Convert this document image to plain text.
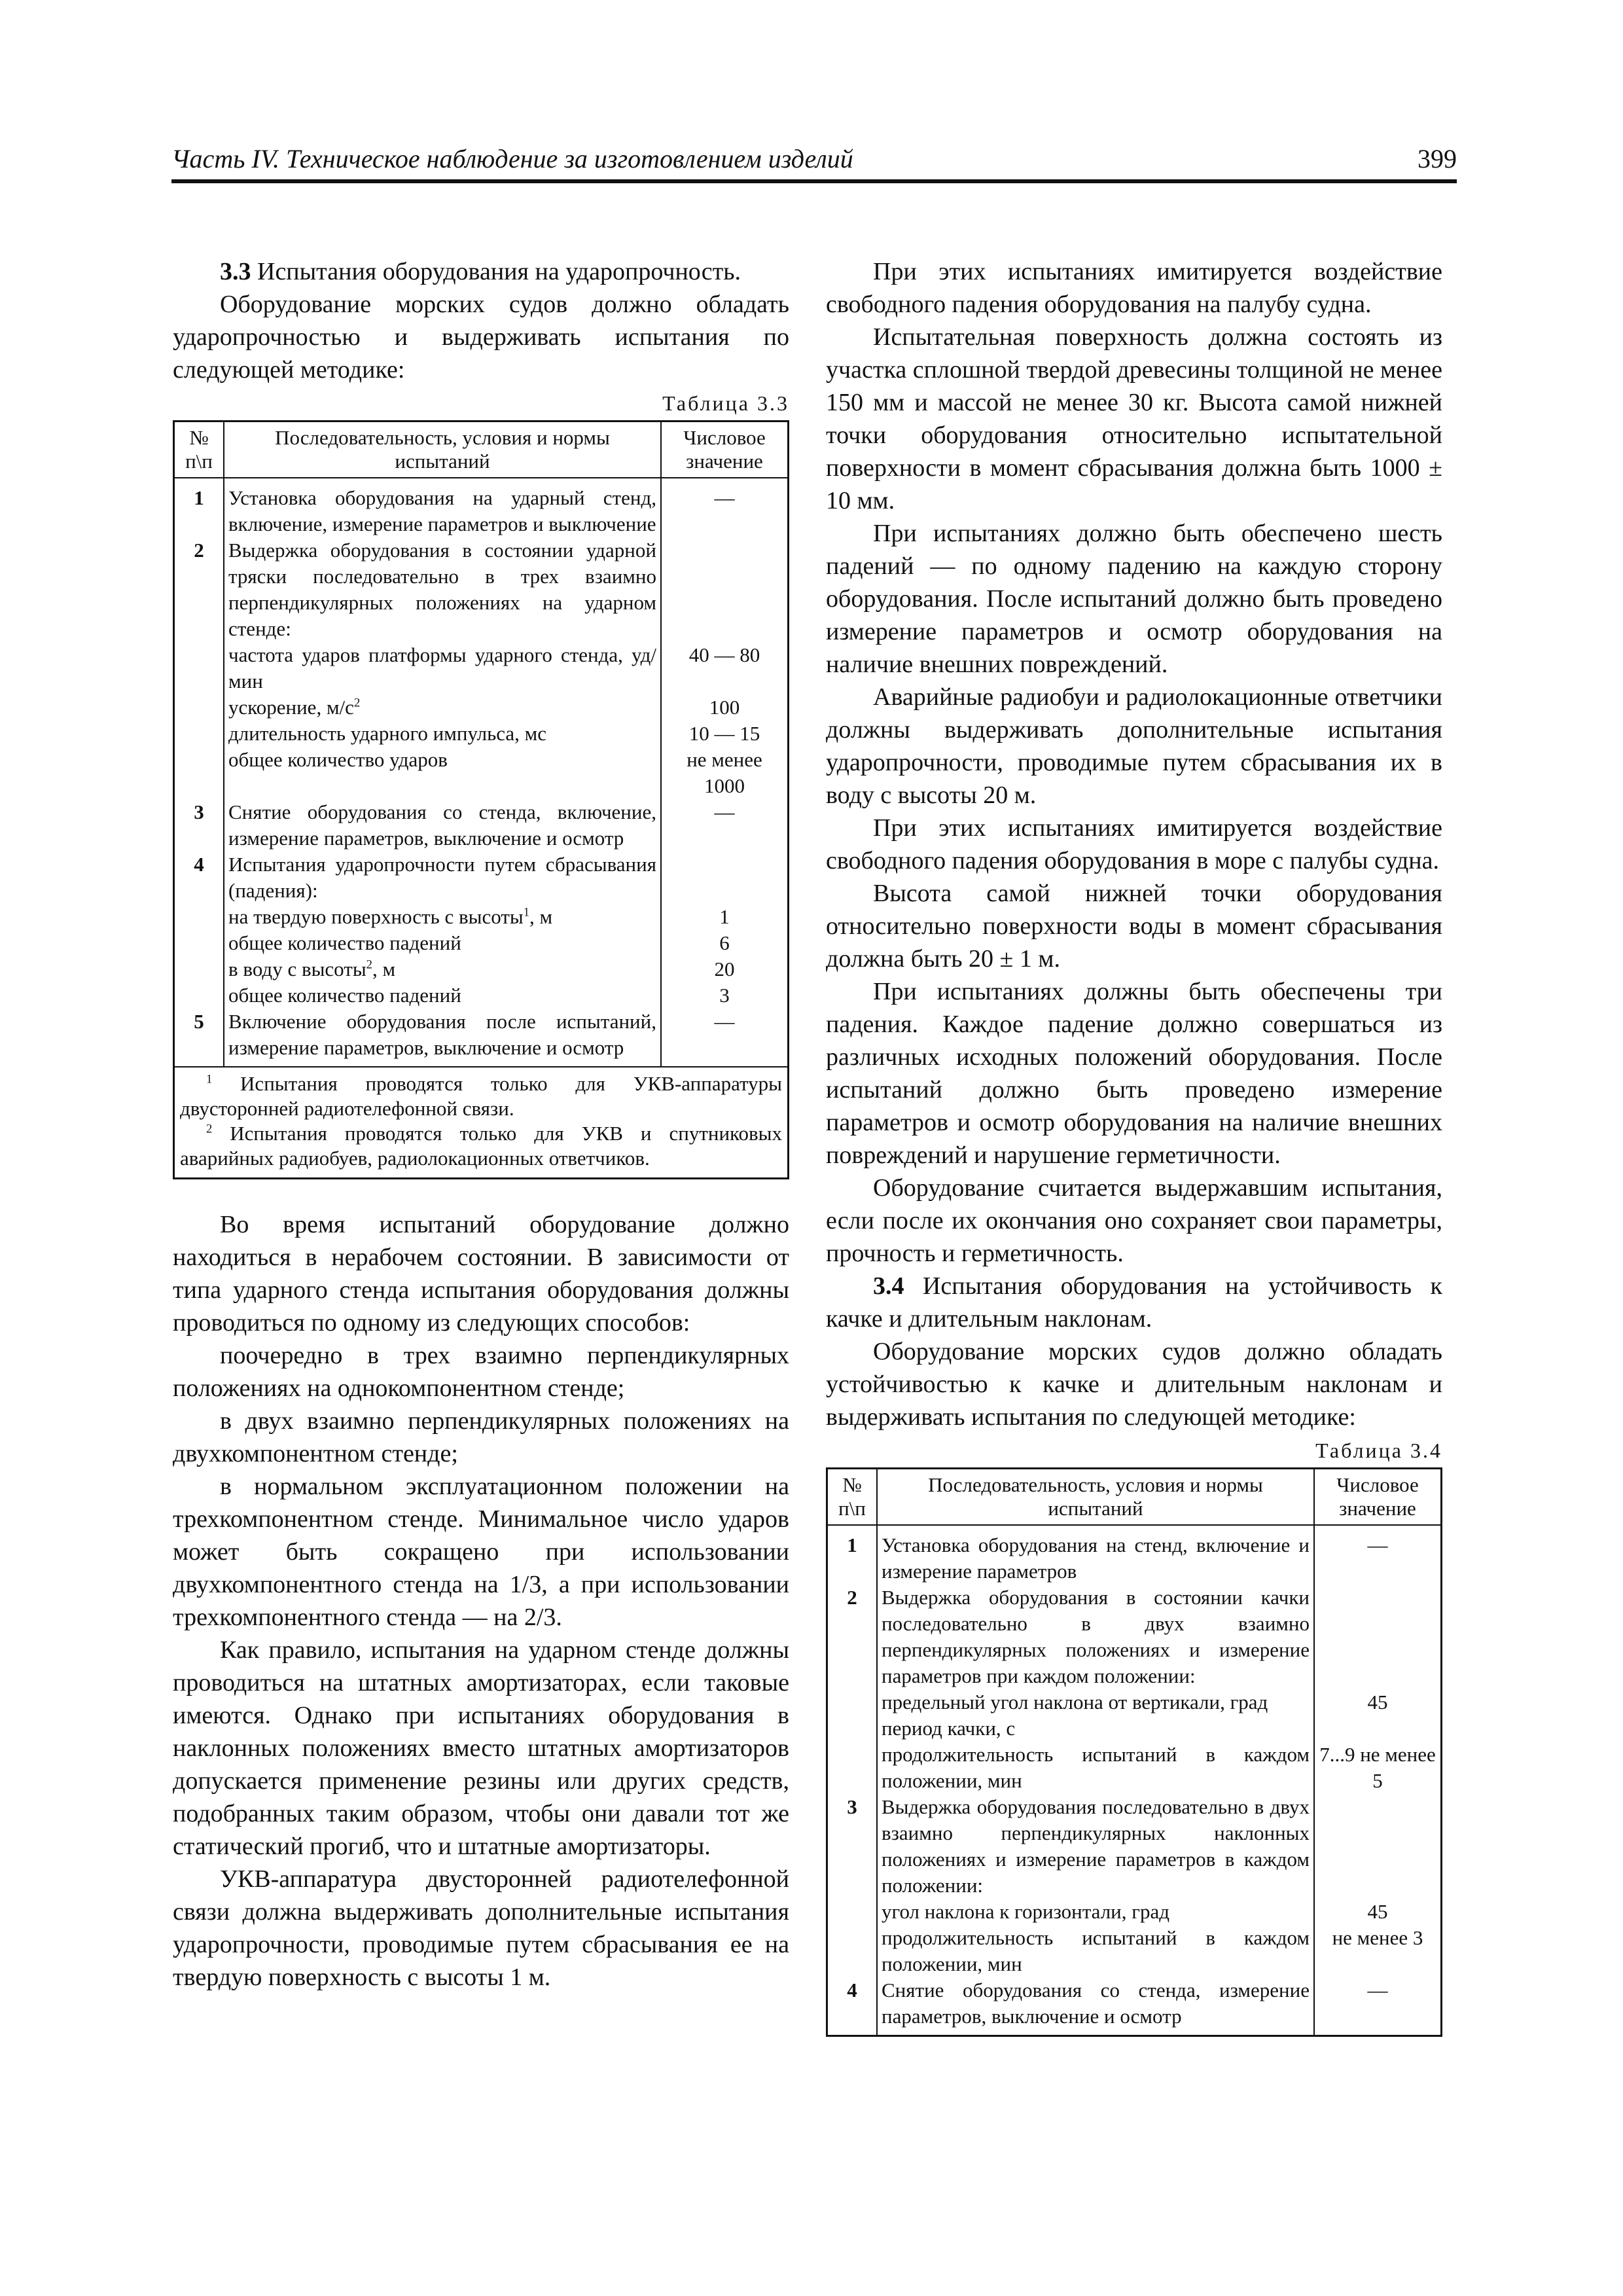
Часть IV. Техническое наблюдение за изготовлением изделий	399

3.3 Испытания оборудования на ударопрочность.

Оборудование морских судов должно обладать ударопрочностью и выдерживать испытания по следующей методике:

Таблица 3.3
№ п\п	Последовательность, условия и нормы испытаний	Числовое значение
1	Установка оборудования на ударный стенд, включение, измерение параметров и выключение	—
2	Выдержка оборудования в состоянии ударной тряски последовательно в трех взаимно перпендикулярных положениях на ударном стенде:	
	частота ударов платформы ударного стенда, уд/мин	40 — 80
	ускорение, $м/с^2$	100
	длительность ударного импульса, мс	10 — 15
	общее количество ударов	не менее 1000
3	Снятие оборудования со стенда, включение, измерение параметров, выключение и осмотр	—
4	Испытания ударопрочности путем сбрасывания (падения):	
	на твердую поверхность с высоты$^1$, м	1
	общее количество падений	6
	в воду с высоты$^2$, м	20
	общее количество падений	3
5	Включение оборудования после испытаний, измерение параметров, выключение и осмотр	—

$^1$ Испытания проводятся только для УКВ-аппаратуры двусторонней радиотелефонной связи.
$^2$ Испытания проводятся только для УКВ и спутниковых аварийных радиобуев, радиолокационных ответчиков.		

Во время испытаний оборудование должно находиться в нерабочем состоянии. В зависимости от типа ударного стенда испытания оборудования должны проводиться по одному из следующих способов:

поочередно в трех взаимно перпендикулярных положениях на однокомпонентном стенде;

в двух взаимно перпендикулярных положениях на двухкомпонентном стенде;

в нормальном эксплуатационном положении на трехкомпонентном стенде. Минимальное число ударов может быть сокращено при использовании двухкомпонентного стенда на 1/3, а при использовании трехкомпонентного стенда — на 2/3.

Как правило, испытания на ударном стенде должны проводиться на штатных амортизаторах, если таковые имеются. Однако при испытаниях оборудования в наклонных положениях вместо штатных амортизаторов допускается применение резины или других средств, подобранных таким образом, чтобы они давали тот же статический прогиб, что и штатные амортизаторы.

УКВ-аппаратура двусторонней радиотелефонной связи должна выдерживать дополнительные испытания ударопрочности, проводимые путем сбрасывания ее на твердую поверхность с высоты 1 м.

При этих испытаниях имитируется воздействие свободного падения оборудования на палубу судна.

Испытательная поверхность должна состоять из участка сплошной твердой древесины толщиной не менее 150 мм и массой не менее 30 кг. Высота самой нижней точки оборудования относительно испытательной поверхности в момент сбрасывания должна быть 1000 ± 10 мм.

При испытаниях должно быть обеспечено шесть падений — по одному падению на каждую сторону оборудования. После испытаний должно быть проведено измерение параметров и осмотр оборудования на наличие внешних повреждений.

Аварийные радиобуи и радиолокационные ответчики должны выдерживать дополнительные испытания ударопрочности, проводимые путем сбрасывания их в воду с высоты 20 м.

При этих испытаниях имитируется воздействие свободного падения оборудования в море с палубы судна.

Высота самой нижней точки оборудования относительно поверхности воды в момент сбрасывания должна быть 20 ± 1 м.

При испытаниях должны быть обеспечены три падения. Каждое падение должно совершаться из различных исходных положений оборудования. После испытаний должно быть проведено измерение параметров и осмотр оборудования на наличие внешних повреждений и нарушение герметичности.

Оборудование считается выдержавшим испытания, если после их окончания оно сохраняет свои параметры, прочность и герметичность.

3.4 Испытания оборудования на устойчивость к качке и длительным наклонам.

Оборудование морских судов должно обладать устойчивостью к качке и длительным наклонам и выдерживать испытания по следующей методике:

Таблица 3.4
№ п\п	Последовательность, условия и нормы испытаний	Числовое значение
1	Установка оборудования на стенд, включение и измерение параметров	—
2	Выдержка оборудования в состоянии качки последовательно в двух взаимно перпендикулярных положениях и измерение параметров при каждом положении:	
	предельный угол наклона от вертикали, град	45
	период качки, с	
	продолжительность испытаний в каждом положении, мин	7...9 не менее 5
3	Выдержка оборудования последовательно в двух взаимно перпендикулярных наклонных положениях и измерение параметров в каждом положении:	
	угол наклона к горизонтали, град	45
	продолжительность испытаний в каждом положении, мин	не менее 3
4	Снятие оборудования со стенда, измерение параметров, выключение и осмотр	—
